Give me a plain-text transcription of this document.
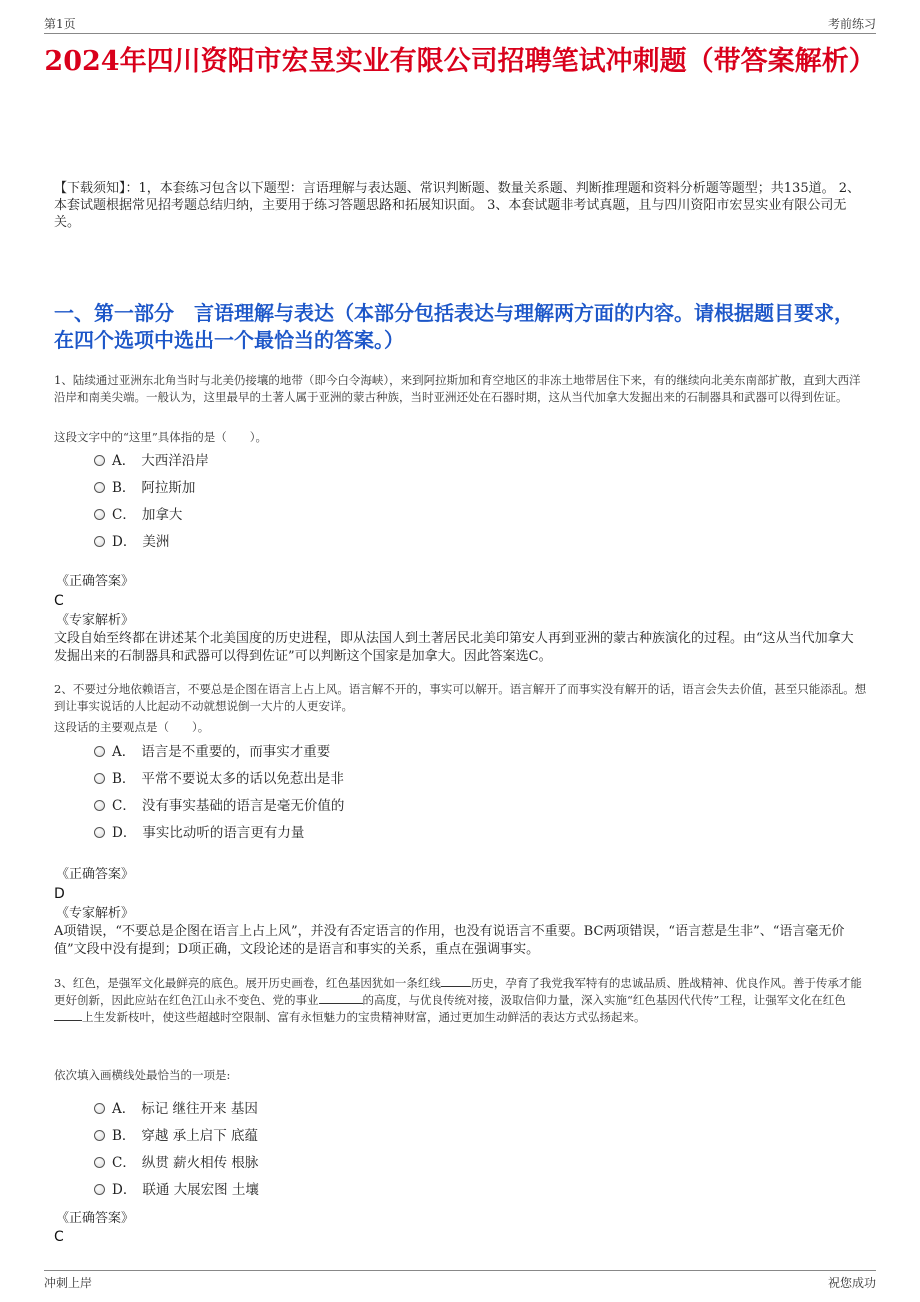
第1页	考前练习
2024年四川资阳市宏昱实业有限公司招聘笔试冲刺题（带答案解析）

【下载须知】：1，本套练习包含以下题型：言语理解与表达题、常识判断题、数量关系题、判断推理题和资料分析题等题型；共135道。 2、本套试题根据常见招考题总结归纳，主要用于练习答题思路和拓展知识面。 3、本套试题非考试真题，且与四川资阳市宏昱实业有限公司无关。

一、第一部分　言语理解与表达（本部分包括表达与理解两方面的内容。请根据题目要求，在四个选项中选出一个最恰当的答案。）

1、陆续通过亚洲东北角当时与北美仍接壤的地带（即今白令海峡），来到阿拉斯加和育空地区的非冻土地带居住下来，有的继续向北美东南部扩散，直到大西洋沿岸和南美尖端。一般认为，这里最早的土著人属于亚洲的蒙古种族，当时亚洲还处在石器时期，这从当代加拿大发掘出来的石制器具和武器可以得到佐证。

这段文字中的“这里”具体指的是（　　）。

A． 大西洋沿岸
B． 阿拉斯加
C． 加拿大
D． 美洲
《正确答案》
C
《专家解析》

文段自始至终都在讲述某个北美国度的历史进程，即从法国人到土著居民北美印第安人再到亚洲的蒙古种族演化的过程。由“这从当代加拿大发掘出来的石制器具和武器可以得到佐证”可以判断这个国家是加拿大。因此答案选C。

2、不要过分地依赖语言，不要总是企图在语言上占上风。语言解不开的，事实可以解开。语言解开了而事实没有解开的话，语言会失去价值，甚至只能添乱。想到让事实说话的人比起动不动就想说倒一大片的人更安详。

这段话的主要观点是（　　）。

A． 语言是不重要的，而事实才重要
B． 平常不要说太多的话以免惹出是非
C． 没有事实基础的语言是毫无价值的
D． 事实比动听的语言更有力量
《正确答案》
D
《专家解析》

A项错误，“不要总是企图在语言上占上风”，并没有否定语言的作用，也没有说语言不重要。BC两项错误，“语言惹是生非”、“语言毫无价值”文段中没有提到；D项正确，文段论述的是语言和事实的关系，重点在强调事实。

3、红色，是强军文化最鲜亮的底色。展开历史画卷，红色基因犹如一条红线	历史，孕育了我党我军特有的忠诚品质、胜战精神、优良作风。善于传承才能更好创新，因此应站在红色江山永不变色、党的事业	的高度，与优良传统对接，汲取信仰力量，深入实施“红色基因代代传”工程，让强军文化在红色上生发新枝叶，使这些超越时空限制、富有永恒魅力的宝贵精神财富，通过更加生动鲜活的表达方式弘扬起来。

依次填入画横线处最恰当的一项是:

A． 标记 继往开来 基因
B． 穿越 承上启下 底蕴
C． 纵贯 薪火相传 根脉
D． 联通 大展宏图 土壤
《正确答案》
C
冲刺上岸	祝您成功
